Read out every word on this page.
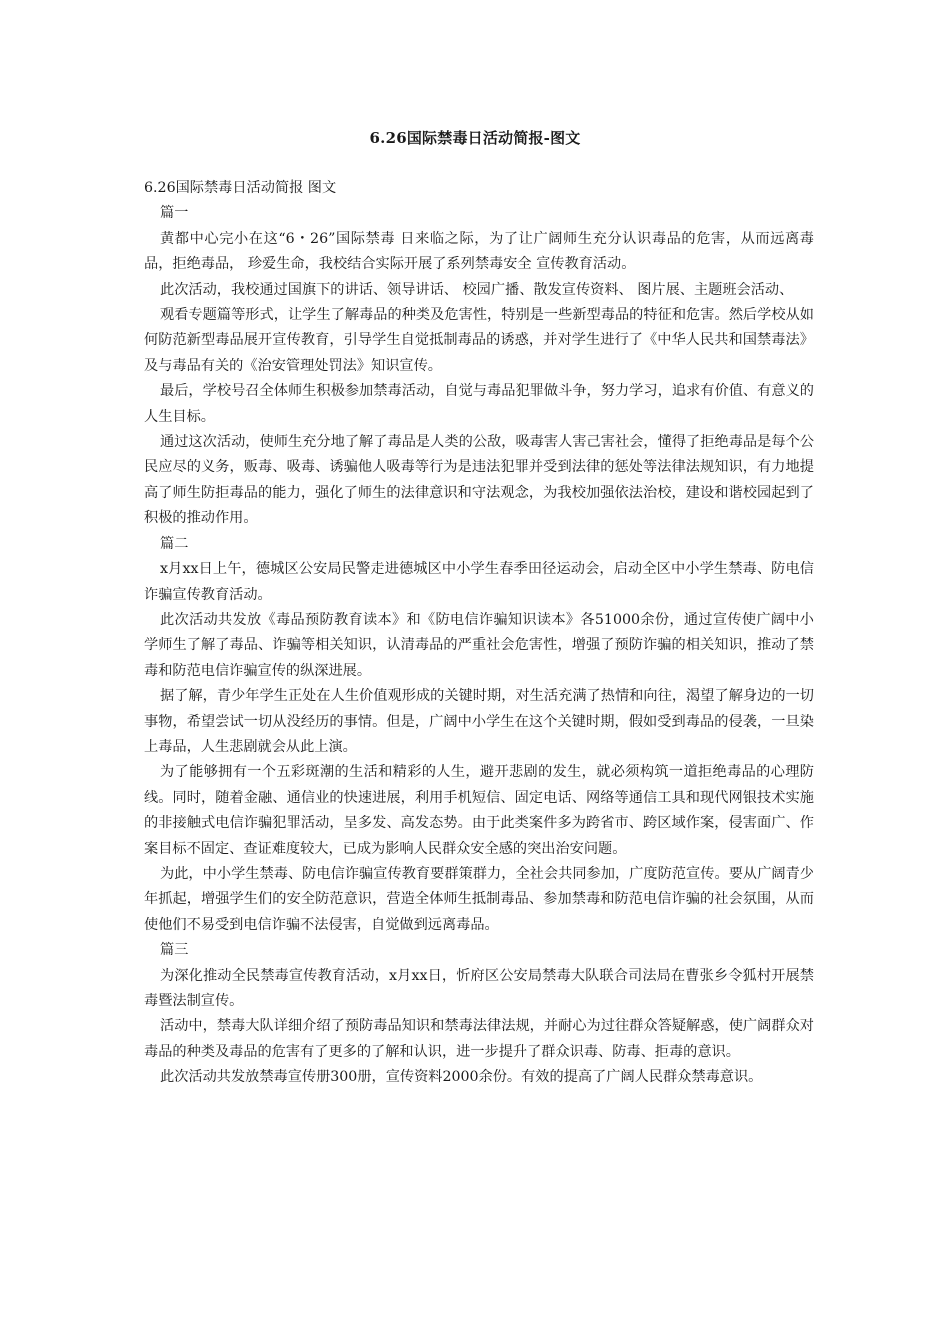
6.26国际禁毒日活动简报-图文

6.26国际禁毒日活动简报 图文

篇一

黄都中心完小在这“6・26”国际禁毒 日来临之际，为了让广阔师生充分认识毒品的危害，从而远离毒品，拒绝毒品， 珍爱生命，我校结合实际开展了系列禁毒安全 宣传教育活动。

此次活动，我校通过国旗下的讲话、领导讲话、 校园广播、散发宣传资料、 图片展、主题班会活动、

观看专题篇等形式，让学生了解毒品的种类及危害性，特别是一些新型毒品的特征和危害。然后学校从如何防范新型毒品展开宣传教育，引导学生自觉抵制毒品的诱惑，并对学生进行了《中华人民共和国禁毒法》及与毒品有关的《治安管理处罚法》知识宣传。

最后，学校号召全体师生积极参加禁毒活动，自觉与毒品犯罪做斗争，努力学习，追求有价值、有意义的人生目标。

通过这次活动，使师生充分地了解了毒品是人类的公敌，吸毒害人害己害社会，懂得了拒绝毒品是每个公民应尽的义务，贩毒、吸毒、诱骗他人吸毒等行为是违法犯罪并受到法律的惩处等法律法规知识，有力地提高了师生防拒毒品的能力，强化了师生的法律意识和守法观念，为我校加强依法治校，建设和谐校园起到了积极的推动作用。

篇二

x月xx日上午，德城区公安局民警走进德城区中小学生春季田径运动会，启动全区中小学生禁毒、防电信诈骗宣传教育活动。

此次活动共发放《毒品预防教育读本》和《防电信诈骗知识读本》各51000余份，通过宣传使广阔中小学师生了解了毒品、诈骗等相关知识，认清毒品的严重社会危害性，增强了预防诈骗的相关知识，推动了禁毒和防范电信诈骗宣传的纵深进展。

据了解，青少年学生正处在人生价值观形成的关键时期，对生活充满了热情和向往，渴望了解身边的一切事物，希望尝试一切从没经历的事情。但是，广阔中小学生在这个关键时期，假如受到毒品的侵袭，一旦染上毒品，人生悲剧就会从此上演。

为了能够拥有一个五彩斑潮的生活和精彩的人生，避开悲剧的发生，就必须构筑一道拒绝毒品的心理防线。同时，随着金融、通信业的快速进展，利用手机短信、固定电话、网络等通信工具和现代网银技术实施的非接触式电信诈骗犯罪活动，呈多发、高发态势。由于此类案件多为跨省市、跨区域作案，侵害面广、作案目标不固定、查证难度较大，已成为影响人民群众安全感的突出治安问题。

为此，中小学生禁毒、防电信诈骗宣传教育要群策群力，全社会共同参加，广度防范宣传。要从广阔青少年抓起，增强学生们的安全防范意识，营造全体师生抵制毒品、参加禁毒和防范电信诈骗的社会氛围，从而使他们不易受到电信诈骗不法侵害，自觉做到远离毒品。

篇三

为深化推动全民禁毒宣传教育活动，x月xx日，忻府区公安局禁毒大队联合司法局在曹张乡令狐村开展禁毒暨法制宣传。

活动中，禁毒大队详细介绍了预防毒品知识和禁毒法律法规，并耐心为过往群众答疑解惑，使广阔群众对毒品的种类及毒品的危害有了更多的了解和认识，进一步提升了群众识毒、防毒、拒毒的意识。

此次活动共发放禁毒宣传册300册，宣传资料2000余份。有效的提高了广阔人民群众禁毒意识。
